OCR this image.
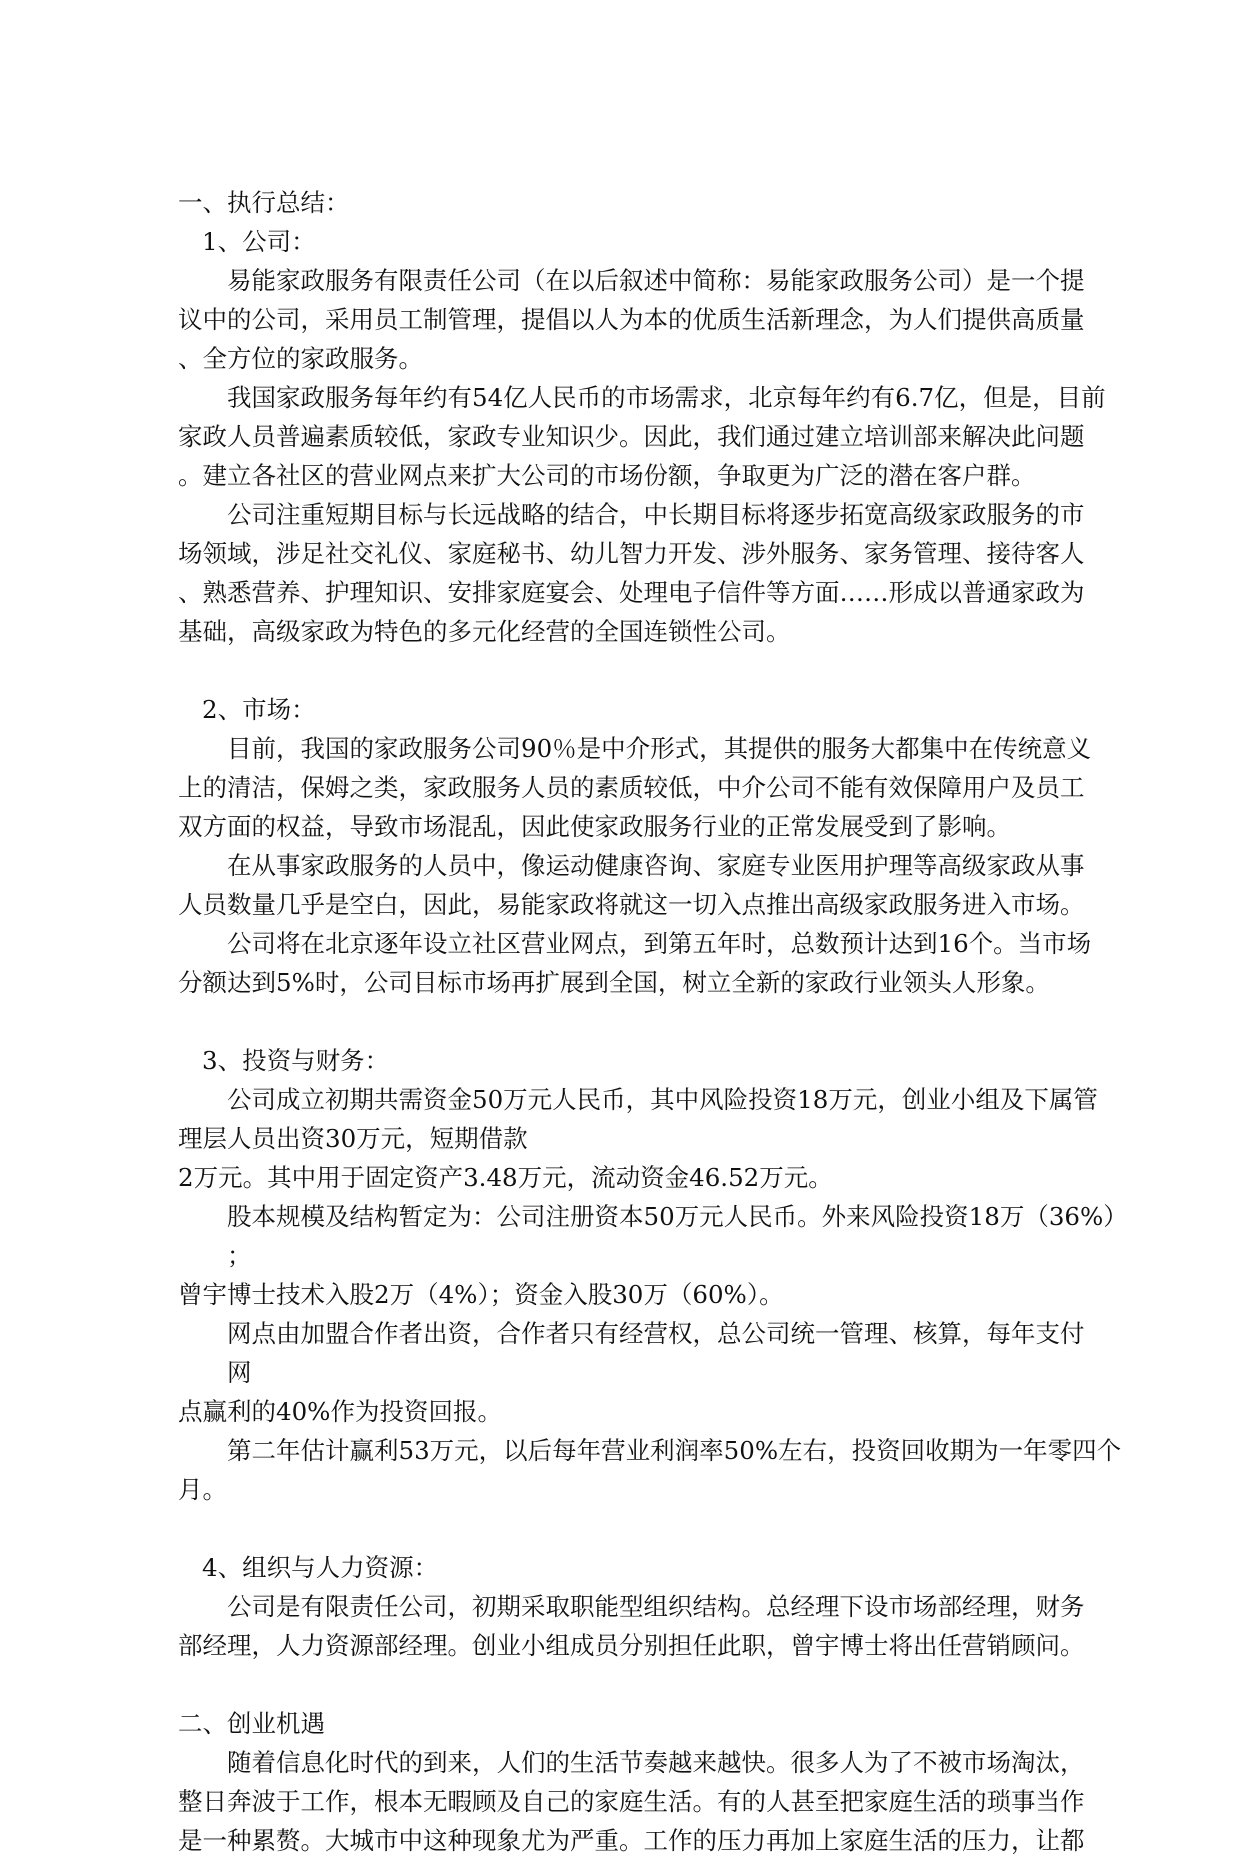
一、执行总结：
1、公司：
易能家政服务有限责任公司（在以后叙述中简称：易能家政服务公司）是一个提
议中的公司，采用员工制管理，提倡以人为本的优质生活新理念，为人们提供高质量
、全方位的家政服务。
我国家政服务每年约有54亿人民币的市场需求，北京每年约有6.7亿，但是，目前
家政人员普遍素质较低，家政专业知识少。因此，我们通过建立培训部来解决此问题
。建立各社区的营业网点来扩大公司的市场份额，争取更为广泛的潜在客户群。
公司注重短期目标与长远战略的结合，中长期目标将逐步拓宽高级家政服务的市
场领域，涉足社交礼仪、家庭秘书、幼儿智力开发、涉外服务、家务管理、接待客人
、熟悉营养、护理知识、安排家庭宴会、处理电子信件等方面……形成以普通家政为
基础，高级家政为特色的多元化经营的全国连锁性公司。
2、市场：
目前，我国的家政服务公司90％是中介形式，其提供的服务大都集中在传统意义
上的清洁，保姆之类，家政服务人员的素质较低，中介公司不能有效保障用户及员工
双方面的权益，导致市场混乱，因此使家政服务行业的正常发展受到了影响。
在从事家政服务的人员中，像运动健康咨询、家庭专业医用护理等高级家政从事
人员数量几乎是空白，因此，易能家政将就这一切入点推出高级家政服务进入市场。
公司将在北京逐年设立社区营业网点，到第五年时，总数预计达到16个。当市场
分额达到5%时，公司目标市场再扩展到全国，树立全新的家政行业领头人形象。
3、投资与财务：
公司成立初期共需资金50万元人民币，其中风险投资18万元，创业小组及下属管
理层人员出资30万元，短期借款
2万元。其中用于固定资产3.48万元，流动资金46.52万元。
股本规模及结构暂定为：公司注册资本50万元人民币。外来风险投资18万（36%）
；
曾宇博士技术入股2万（4%）；资金入股30万（60%）。
网点由加盟合作者出资，合作者只有经营权，总公司统一管理、核算，每年支付
网
点赢利的40%作为投资回报。
第二年估计赢利53万元，以后每年营业利润率50%左右，投资回收期为一年零四个
月。
4、组织与人力资源：
公司是有限责任公司，初期采取职能型组织结构。总经理下设市场部经理，财务
部经理，人力资源部经理。创业小组成员分别担任此职，曾宇博士将出任营销顾问。
二、创业机遇
随着信息化时代的到来，人们的生活节奏越来越快。很多人为了不被市场淘汰，
整日奔波于工作，根本无暇顾及自己的家庭生活。有的人甚至把家庭生活的琐事当作
是一种累赘。大城市中这种现象尤为严重。工作的压力再加上家庭生活的压力，让都
